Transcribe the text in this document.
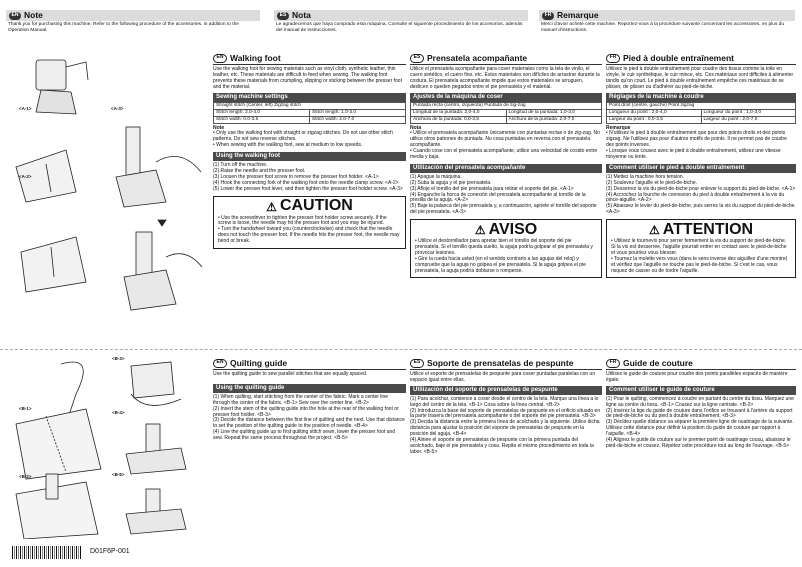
EN Note
Thank you for purchasing this machine. Refer to the following procedure of the accessories, in addition to the Operation Manual.
ES Nota
Le agradecemos que haya comprado esta máquina. Consulte el siguiente procedimiento de los accesorios, además del manual de instrucciones.
FR Remarque
Merci d'avoir acheté cette machine. Reportez-vous à la procédure suivante concernant les accessoires, en plus du manuel d'instructions.
<A-1>	<A-3>
<A-2>
EN Walking foot
Use the walking foot for sewing materials such as vinyl cloth, synthetic leather, thin leather, etc. These materials are difficult to feed when sewing. The walking foot prevents these materials from crumpling, slipping or sticking between the presser foot and the material.
Sewing machine settings
Straight stitch (Center, left) Zigzag stitch	
Stitch length: 2.0-4.0	Stitch length: 1.0-3.0
Stitch width: 0.0-3.5	Stitch width: 2.0-7.0
Note
• Only use the walking foot with straight or zigzag stitches. Do not use other stitch patterns. Do not sew reverse stitches.
• When sewing with the walking foot, sew at medium to low speeds.
Using the walking foot
(1) Turn off the machine.
(2) Raise the needle and the presser foot.
(3) Loosen the presser foot screw to remove the presser foot holder. <A-1>
(4) Hook the connecting fork of the walking foot onto the needle clamp screw. <A-2>
(5) Lower the presser foot lever, and then tighten the presser foot holder screw. <A-3>
⚠ CAUTION
• Use the screwdriver to tighten the presser foot holder screw securely. If the screw is loose, the needle may hit the presser foot and you may be injured.
• Turn the handwheel toward you (counterclockwise) and check that the needle does not touch the presser foot. If the needle hits the presser foot, the needle may bend or break.
ES Prensatela acompañante
Utilice el prensatela acompañante para coser materiales como la tela de vinilo, el cuero sintético, el cuero fino, etc. Estos materiales son difíciles de arrastrar durante la costura. El prensatela acompañante impide que estos materiales se arruguen, deslicen o queden pegados entre el pie prensatela y el material.
Ajustes de la máquina de coser
Puntada recta (centro, izquierda) Puntada de zig-zag	
Longitud de la puntada: 2,0-4,0	Longitud de la puntada: 1,0-3,0
Anchura de la puntada: 0,0-3,5	Anchura de la puntada: 2,0-7,0
Nota
• Utilice el prensatela acompañante únicamente con puntadas rectas o de zig-zag. No utilice otros patrones de puntada. No cosa puntadas en reversa con el prensatela acompañante.
• Cuando cose con el prensatela acompañante, utilice una velocidad de cosido entre media y baja.
Utilización del prensatela acompañante
(1) Apague la máquina.
(2) Suba la aguja y el pie prensatela.
(3) Afloje el tornillo del pie prensatela para retirar el soporte del pie. <A-1>
(4) Enganche la horca de conexión del prensatela acompañante al tornillo de la presilla de la aguja. <A-2>
(5) Baje la palanca del pie prensatela y, a continuación, apriete el tornillo del soporte del pie prensatela. <A-3>
⚠ AVISO
• Utilice el destornillador para apretar bien el tornillo del soporte del pie prensatela. Si el tornillo queda suelto, la aguja podría golpear el pie prensatela y provocar lesiones.
• Gire la rueda hacia usted (en el sentido contrario a las agujas del reloj) y compruebe que la aguja no golpea el pie prensatela. Si la aguja golpea el pie prensatela, la aguja podría doblarse o romperse.
FR Pied à double entraînement
Utilisez le pied à double entraînement pour coudre des tissus comme la toile en vinyle, le cuir synthétique, le cuir mince, etc. Ces matériaux sont difficiles à alimenter tandis qu'on coud. Le pied à double entraînement empêche ces matériaux de se plisser, de glisser ou d'adhérer au pied-de-biche.
Réglages de la machine à coudre
Point droit (centre, gauche) Point zigzag	
Longueur du point : 2,0-4,0	Longueur du point : 1,0-3,0
Largeur du point : 0,0-3,5	Largeur du point : 2,0-7,0
Remarque
• N'utilisez le pied à double entraînement que pour des points droits et des points zigzag. Ne l'utilisez pas pour d'autres motifs de points. Il ne permet pas de coudre des points inverses.
• Lorsque vous cousez avec le pied à double entraînement, utilisez une vitesse moyenne ou lente.
Comment utiliser le pied à double entraînement
(1) Mettez la machine hors tension.
(2) Soulevez l'aiguille et le pied-de-biche.
(3) Desserrez la vis du pied-de-biche pour enlever le support du pied-de-biche. <A-1>
(4) Accrochez la fourche de connexion du pied à double entraînement à la vis du pince-aiguille. <A-2>
(5) Abaissez le levier du pied-de-biche, puis serrez la vis du support du pied-de-biche. <A-3>
⚠ ATTENTION
• Utilisez le tournevis pour serrer fermement la vis du support de pied-de-biche. Si la vis est desserrée, l'aiguille pourrait entrer en contact avec le pied-de-biche et vous pourriez vous blesser.
• Tournez la molette vers vous (dans le sens inverse des aiguilles d'une montre) et vérifiez que l'aiguille ne touche pas le pied-de-biche. Si c'est le cas, vous risquez de casser ou de tordre l'aiguille.
<B-3>
<B-1>
<B-4>
<B-2>	<B-5>
EN Quilting guide
Use the quilting guide to sew parallel stitches that are equally spaced.
Using the quilting guide
(1) When quilting, start stitching from the center of the fabric. Mark a center line through the center of the fabric. <B-1> Sew over the center line. <B-2>
(2) Insert the stem of the quilting guide into the hole at the rear of the walking foot or presser foot holder. <B-3>
(3) Decide the distance between the first line of quilting and the next. Use that distance to set the position of the quilting guide to the position of needle. <B-4>
(4) Line the quilting guide up to first quilting stitch sewn, lower the presser foot and sew. Repeat the same process throughout the project. <B-5>
ES Soporte de prensatelas de pespunte
Utilice el soporte de prensatelas de pespunte para coser puntadas paralelas con un espacio igual entre ellas.
Utilización del soporte de prensatelas de pespunte
(1) Para acolchar, comience a coser desde el centro de la tela. Marque una línea a lo largo del centro de la tela. <B-1> Cosa sobre la línea central. <B-2>
(2) Introduzca la base del soporte de prensatelas de pespunte en el orificio situado en la parte trasera del prensatela acompañante o del soporte del pie prensatela. <B-3>
(3) Decida la distancia entre la primera línea de acolchado y la siguiente. Utilice dicha distancia para ajustar la posición del soporte de prensatelas de pespunte en la posición del aguja. <B-4>
(4) Alinee el soporte de prensatelas de pespunte con la primera puntada del acolchado, baje el pie prensatela y cosa. Repita el mismo procedimiento en toda la labor. <B-5>
FR Guide de couture
Utilisez le guide de couture pour coudre des points parallèles espacés de manière égale.
Comment utiliser le guide de couture
(1) Pour le quilting, commencez à coudre en partant du centre du tissu. Marquez une ligne au centre du tissu. <B-1> Cousez sur la ligne centrale. <B-2>
(2) Insérez la tige du guide de couture dans l'orifice se trouvant à l'arrière du support de pied-de-biche ou du pied à double entraînement. <B-3>
(3) Décidez quelle distance va séparer la première ligne de ouatinage de la suivante. Utilisez cette distance pour définir la position du guide de couture par rapport à l'aiguille. <B-4>
(4) Alignez le guide de couture sur le premier point de ouatinage cousu, abaissez le pied-de-biche et cousez. Répétez cette procédure tout au long de l'ouvrage. <B-5>
D01F6P-001
